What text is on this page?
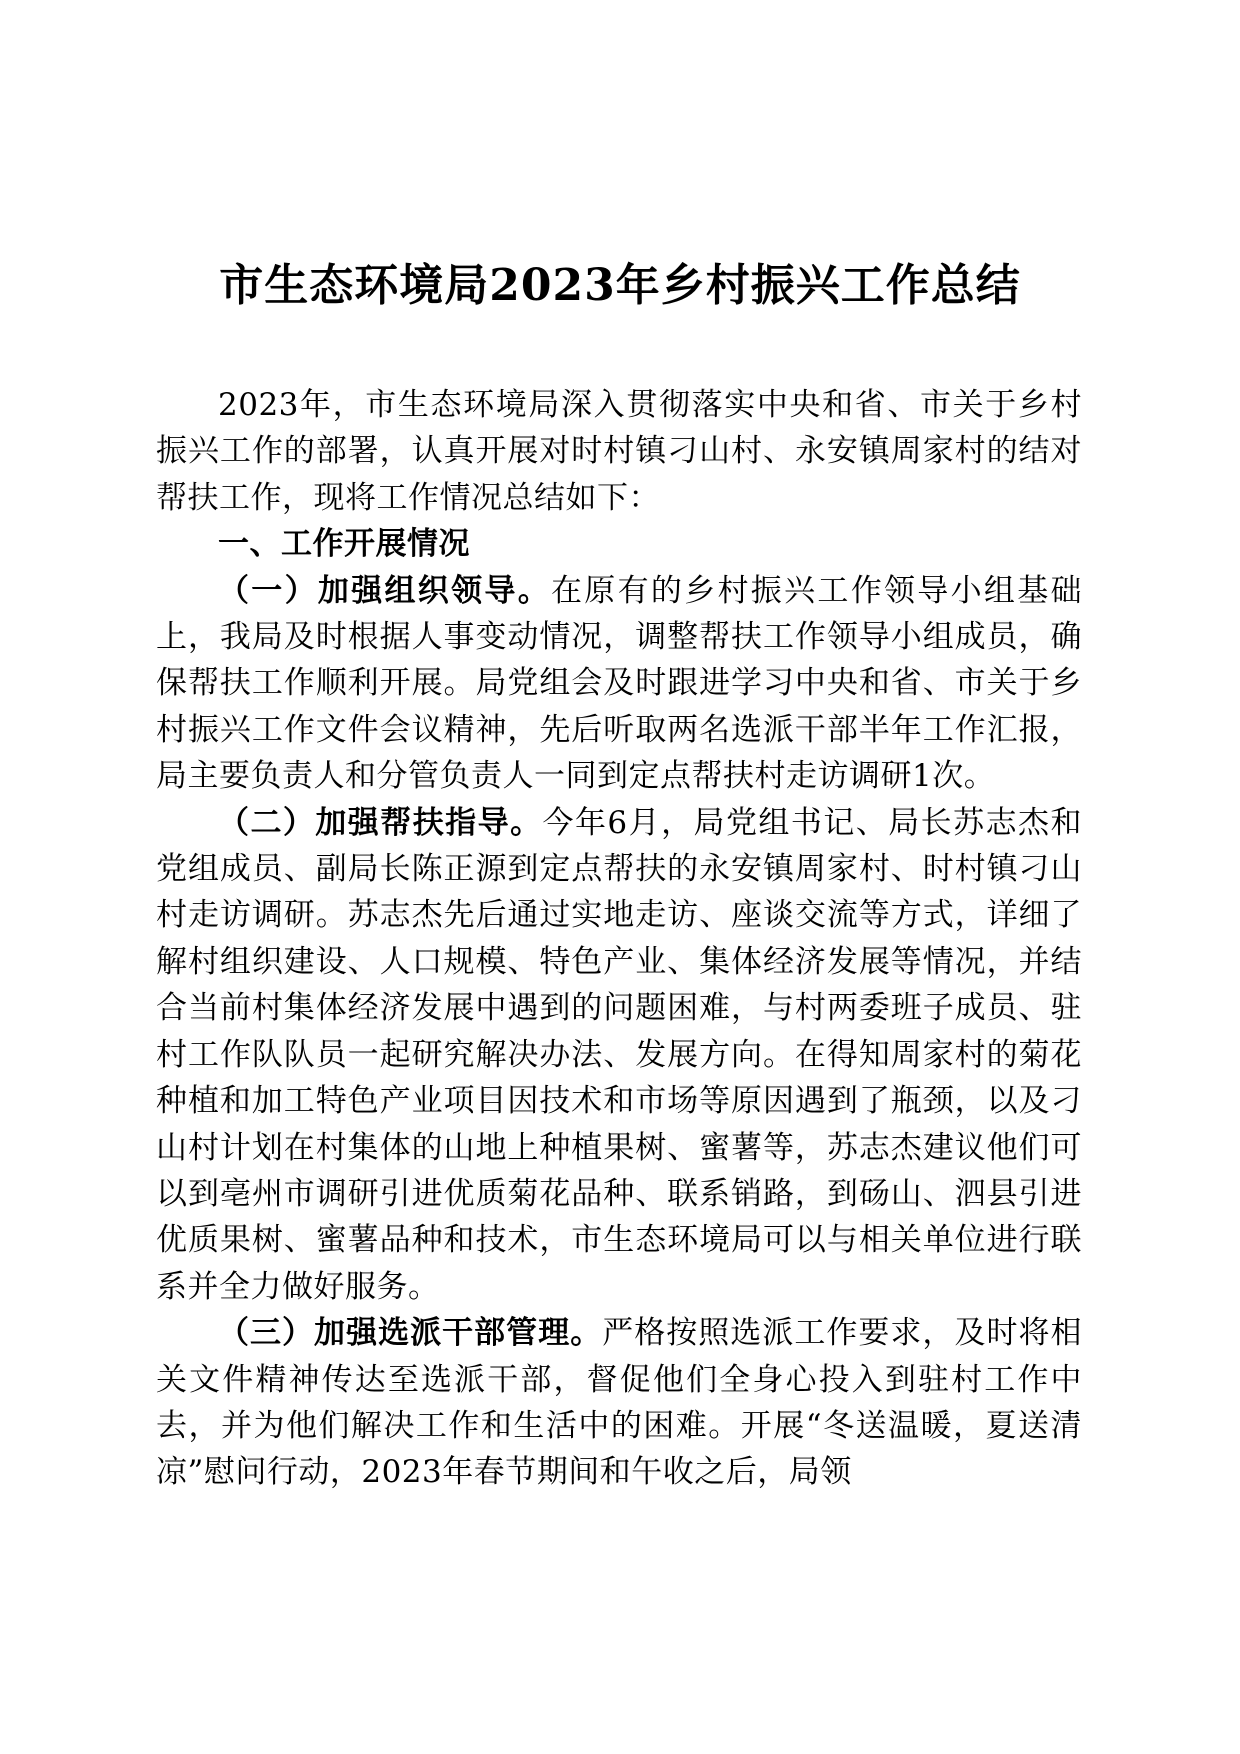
市生态环境局2023年乡村振兴工作总结

2023年，市生态环境局深入贯彻落实中央和省、市关于乡村振兴工作的部署，认真开展对时村镇刁山村、永安镇周家村的结对帮扶工作，现将工作情况总结如下：

一、工作开展情况

（一）加强组织领导。在原有的乡村振兴工作领导小组基础上，我局及时根据人事变动情况，调整帮扶工作领导小组成员，确保帮扶工作顺利开展。局党组会及时跟进学习中央和省、市关于乡村振兴工作文件会议精神，先后听取两名选派干部半年工作汇报，局主要负责人和分管负责人一同到定点帮扶村走访调研1次。

（二）加强帮扶指导。今年6月，局党组书记、局长苏志杰和党组成员、副局长陈正源到定点帮扶的永安镇周家村、时村镇刁山村走访调研。苏志杰先后通过实地走访、座谈交流等方式，详细了解村组织建设、人口规模、特色产业、集体经济发展等情况，并结合当前村集体经济发展中遇到的问题困难，与村两委班子成员、驻村工作队队员一起研究解决办法、发展方向。在得知周家村的菊花种植和加工特色产业项目因技术和市场等原因遇到了瓶颈，以及刁山村计划在村集体的山地上种植果树、蜜薯等，苏志杰建议他们可以到亳州市调研引进优质菊花品种、联系销路，到砀山、泗县引进优质果树、蜜薯品种和技术，市生态环境局可以与相关单位进行联系并全力做好服务。

（三）加强选派干部管理。严格按照选派工作要求，及时将相关文件精神传达至选派干部，督促他们全身心投入到驻村工作中去，并为他们解决工作和生活中的困难。开展“冬送温暖，夏送清凉”慰问行动，2023年春节期间和午收之后，局领
